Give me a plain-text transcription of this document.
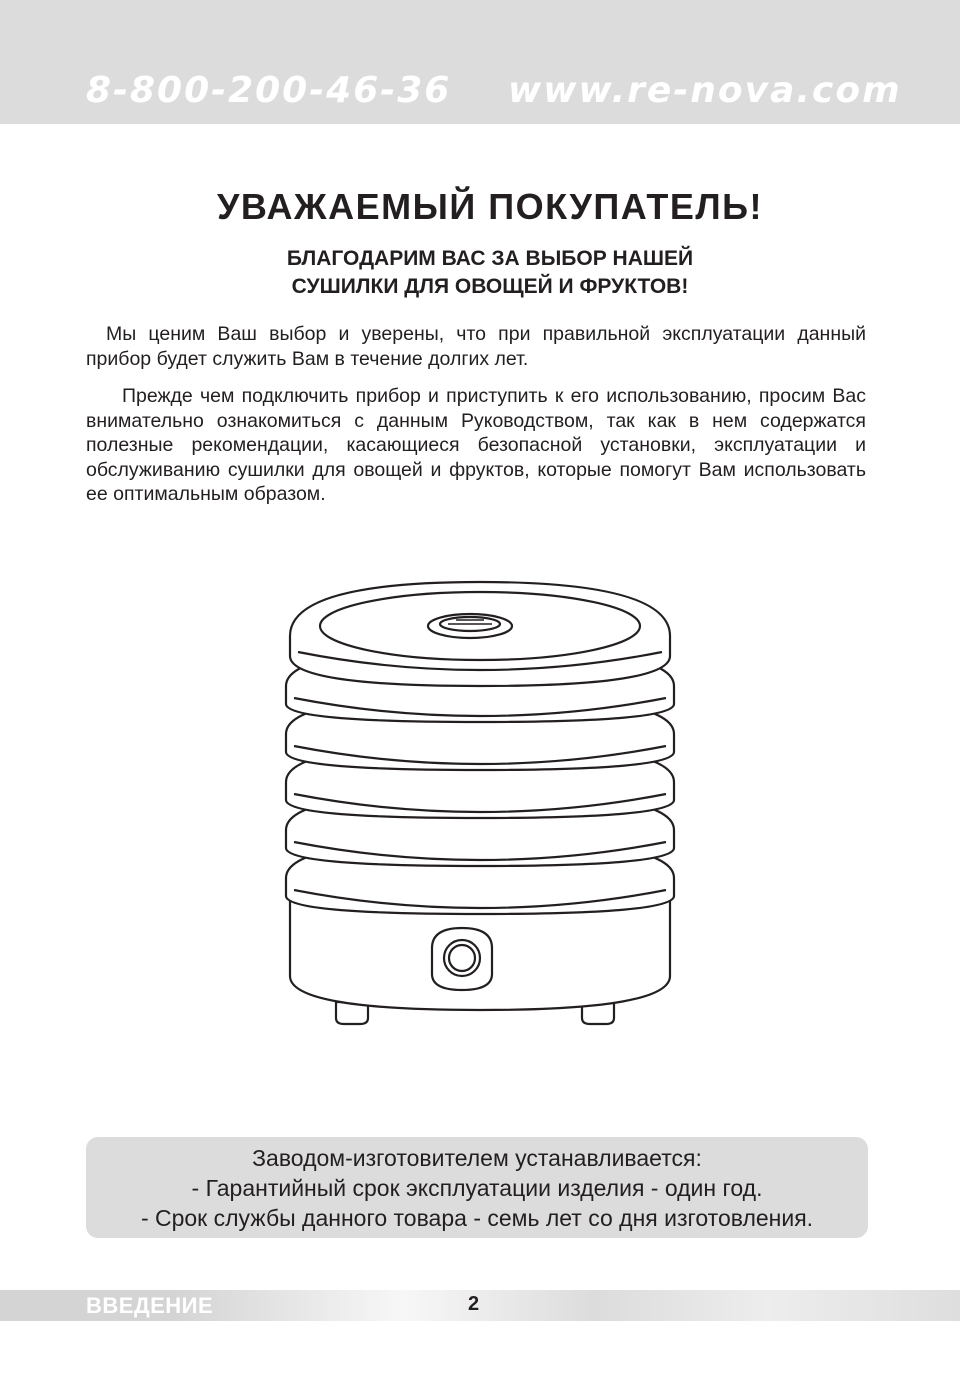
8-800-200-46-36 www.re-nova.com
УВАЖАЕМЫЙ ПОКУПАТЕЛЬ!
БЛАГОДАРИМ ВАС ЗА ВЫБОР НАШЕЙ
СУШИЛКИ ДЛЯ ОВОЩЕЙ И ФРУКТОВ!

Мы ценим Ваш выбор и уверены, что при правильной эксплуатации данный прибор будет служить Вам в течение долгих лет.

Прежде чем подключить прибор и приступить к его использованию, просим Вас внимательно ознакомиться с данным Руководством, так как в нем содержатся полезные рекомендации, касающиеся безопасной установки, эксплуатации и обслуживанию сушилки для овощей и фруктов, которые помогут Вам использовать ее оптимальным образом.

Заводом-изготовителем устанавливается:
- Гарантийный срок эксплуатации изделия - один год.
- Срок службы данного товара - семь лет со дня изготовления.
ВВЕДЕНИЕ	2
